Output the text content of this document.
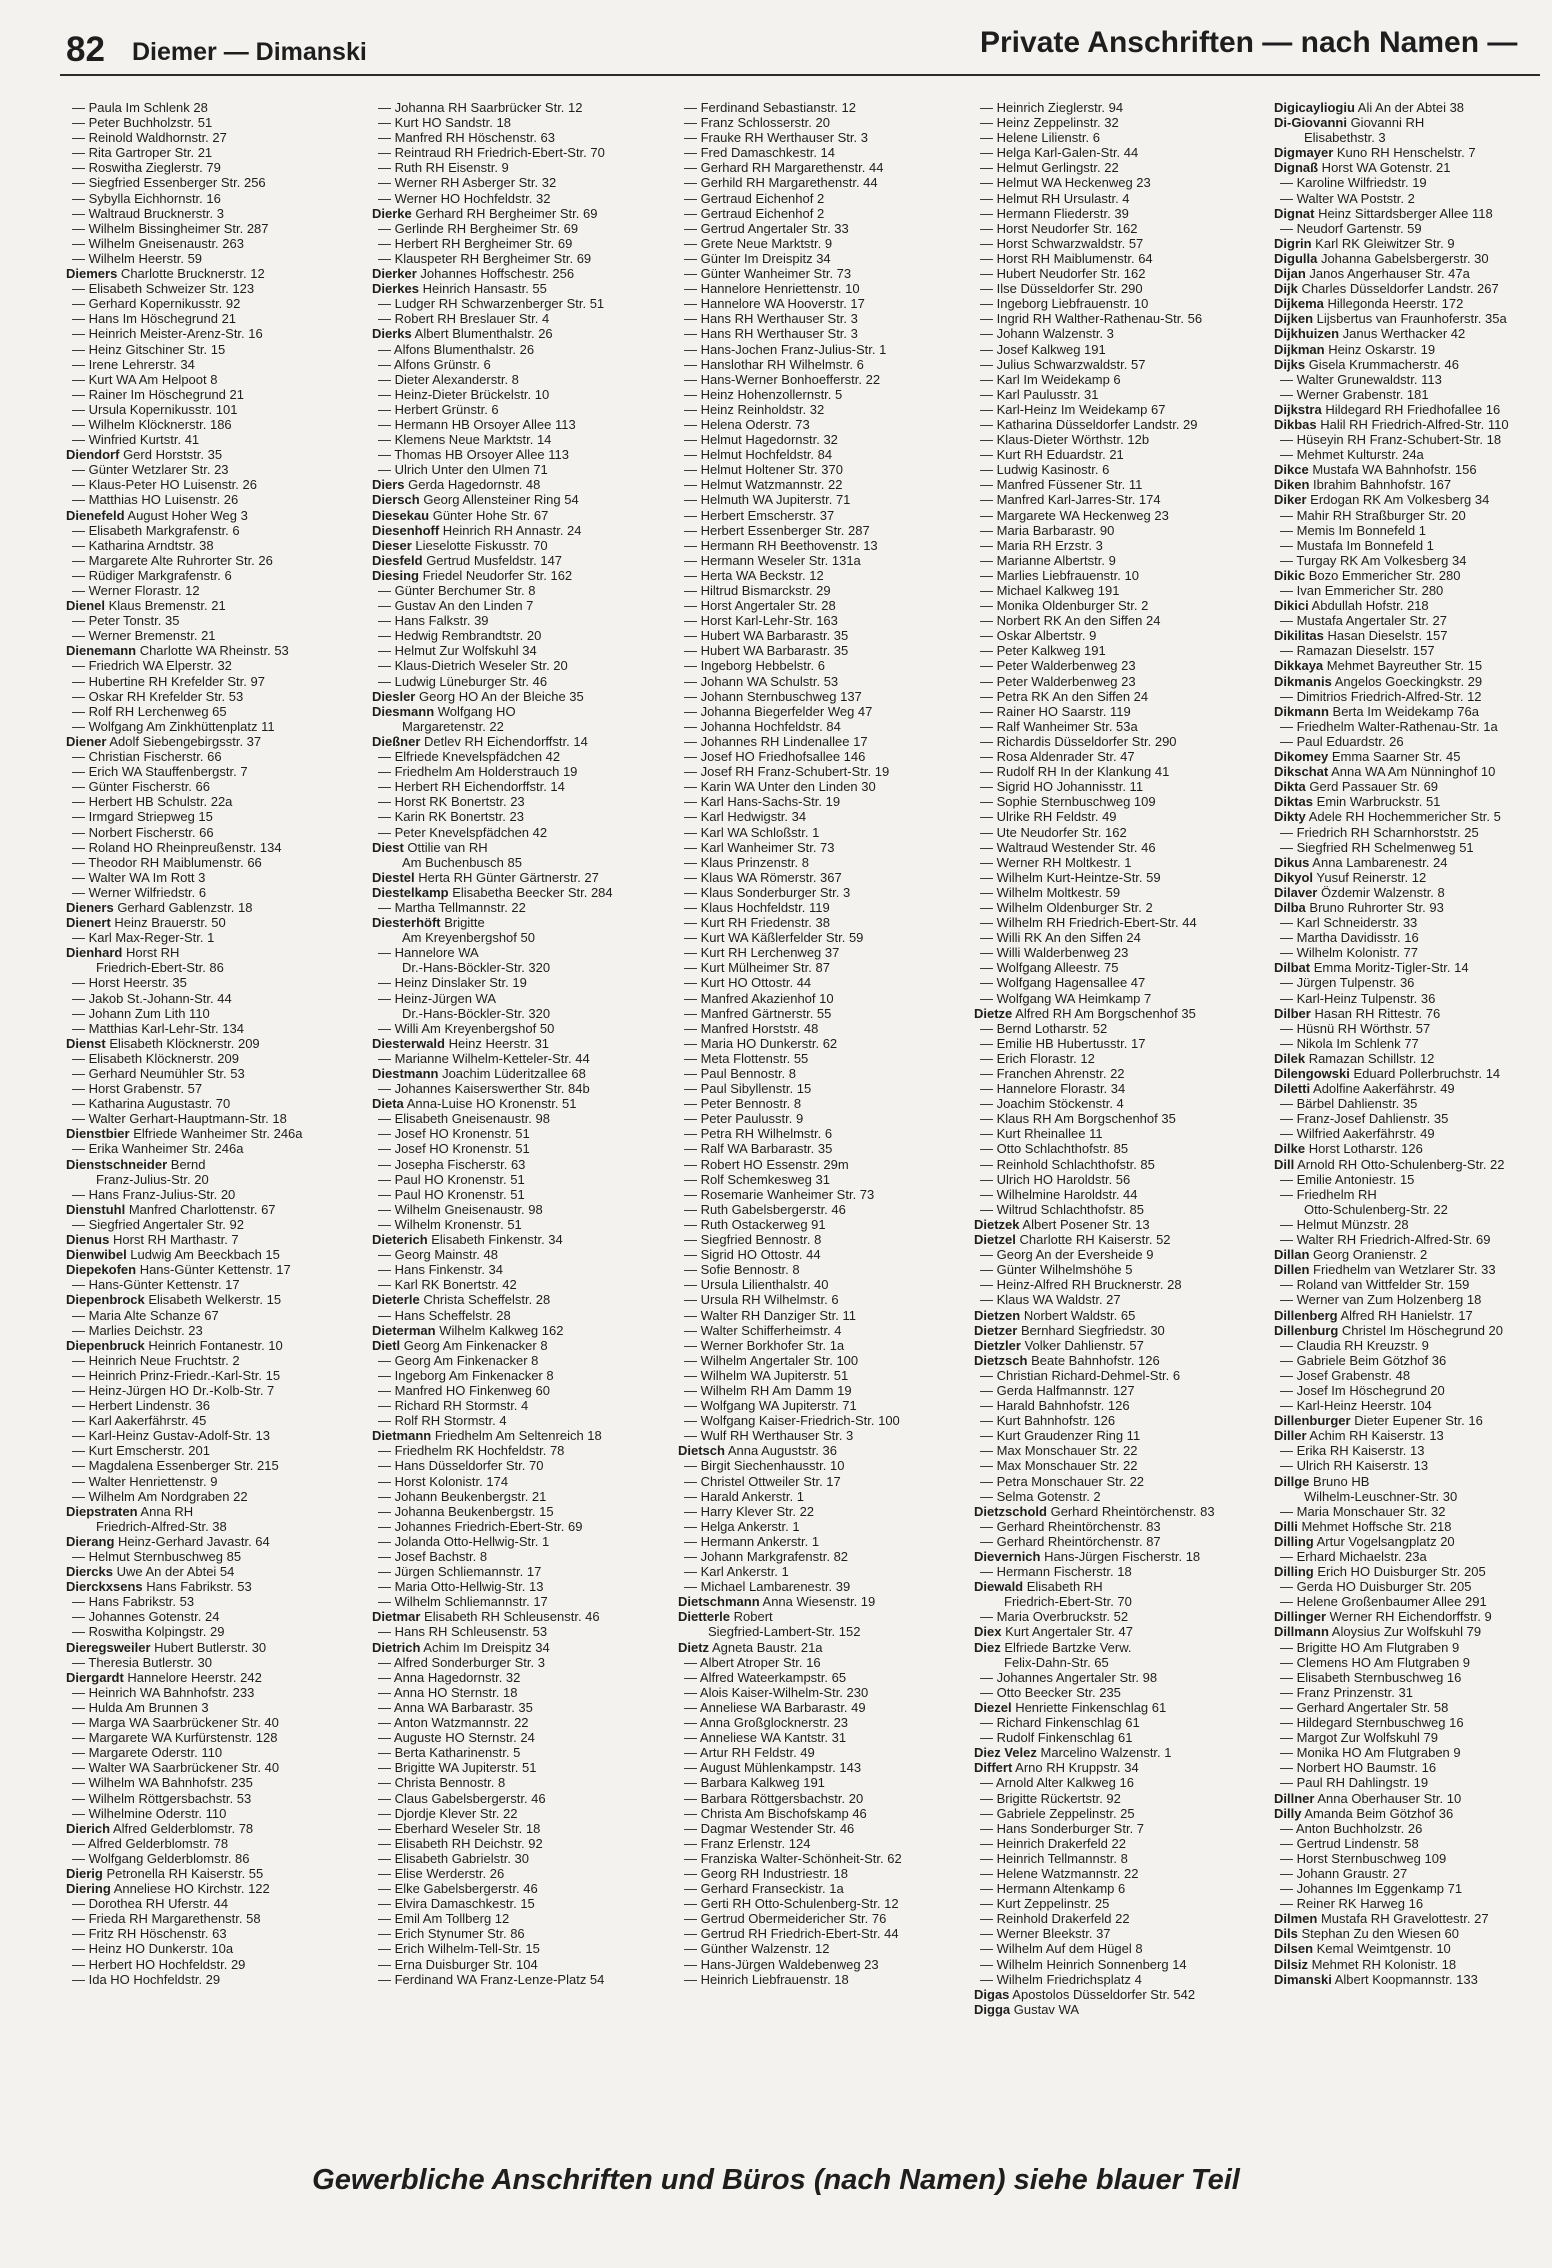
82 Diemer — Dimanski	Private Anschriften — nach Namen —
— Paula Im Schlenk 28
— Peter Buchholzstr. 51
— Reinold Waldhornstr. 27
— Rita Gartroper Str. 21
— Roswitha Zieglerstr. 79
— Siegfried Essenberger Str. 256
— Sybylla Eichhornstr. 16
— Waltraud Brucknerstr. 3
— Wilhelm Bissingheimer Str. 287
— Wilhelm Gneisenaustr. 263
— Wilhelm Heerstr. 59
Diemers Charlotte Brucknerstr. 12
— Elisabeth Schweizer Str. 123
— Gerhard Kopernikusstr. 92
— Hans Im Höschegrund 21
— Heinrich Meister-Arenz-Str. 16
— Heinz Gitschiner Str. 15
— Irene Lehrerstr. 34
— Kurt WA Am Helpoot 8
— Rainer Im Höschegrund 21
— Ursula Kopernikusstr. 101
— Wilhelm Klöcknerstr. 186
— Winfried Kurtstr. 41
Diendorf Gerd Horststr. 35
— Günter Wetzlarer Str. 23
— Klaus-Peter HO Luisenstr. 26
— Matthias HO Luisenstr. 26
Dienefeld August Hoher Weg 3
— Elisabeth Markgrafenstr. 6
— Katharina Arndtstr. 38
— Margarete Alte Ruhrorter Str. 26
— Rüdiger Markgrafenstr. 6
— Werner Florastr. 12
Dienel Klaus Bremenstr. 21
— Peter Tonstr. 35
— Werner Bremenstr. 21
Dienemann Charlotte WA Rheinstr. 53
— Friedrich WA Elperstr. 32
— Hubertine RH Krefelder Str. 97
— Oskar RH Krefelder Str. 53
— Rolf RH Lerchenweg 65
— Wolfgang Am Zinkhüttenplatz 11
Diener Adolf Siebengebirgsstr. 37
— Christian Fischerstr. 66
— Erich WA Stauffenbergstr. 7
— Günter Fischerstr. 66
— Herbert HB Schulstr. 22a
— Irmgard Striepweg 15
— Norbert Fischerstr. 66
— Roland HO Rheinpreußenstr. 134
— Theodor RH Maiblumenstr. 66
— Walter WA Im Rott 3
— Werner Wilfriedstr. 6
Dieners Gerhard Gablenzstr. 18
Dienert Heinz Brauerstr. 50
— Karl Max-Reger-Str. 1
Dienhard Horst RH
Friedrich-Ebert-Str. 86
— Horst Heerstr. 35
— Jakob St.-Johann-Str. 44
— Johann Zum Lith 110
— Matthias Karl-Lehr-Str. 134
Dienst Elisabeth Klöcknerstr. 209
— Elisabeth Klöcknerstr. 209
— Gerhard Neumühler Str. 53
— Horst Grabenstr. 57
— Katharina Augustastr. 70
— Walter Gerhart-Hauptmann-Str. 18
Dienstbier Elfriede Wanheimer Str. 246a
— Erika Wanheimer Str. 246a
Dienstschneider Bernd
Franz-Julius-Str. 20
— Hans Franz-Julius-Str. 20
Dienstuhl Manfred Charlottenstr. 67
— Siegfried Angertaler Str. 92
Dienus Horst RH Marthastr. 7
Dienwibel Ludwig Am Beeckbach 15
Diepekofen Hans-Günter Kettenstr. 17
— Hans-Günter Kettenstr. 17
Diepenbrock Elisabeth Welkerstr. 15
— Maria Alte Schanze 67
— Marlies Deichstr. 23
Diepenbruck Heinrich Fontanestr. 10
— Heinrich Neue Fruchtstr. 2
— Heinrich Prinz-Friedr.-Karl-Str. 15
— Heinz-Jürgen HO Dr.-Kolb-Str. 7
— Herbert Lindenstr. 36
— Karl Aakerfährstr. 45
— Karl-Heinz Gustav-Adolf-Str. 13
— Kurt Emscherstr. 201
— Magdalena Essenberger Str. 215
— Walter Henriettenstr. 9
— Wilhelm Am Nordgraben 22
Diepstraten Anna RH
Friedrich-Alfred-Str. 38
Dierang Heinz-Gerhard Javastr. 64
— Helmut Sternbuschweg 85
Diercks Uwe An der Abtei 54
Dierckxsens Hans Fabrikstr. 53
— Hans Fabrikstr. 53
— Johannes Gotenstr. 24
— Roswitha Kolpingstr. 29
Dieregsweiler Hubert Butlerstr. 30
— Theresia Butlerstr. 30
Diergardt Hannelore Heerstr. 242
— Heinrich WA Bahnhofstr. 233
— Hulda Am Brunnen 3
— Marga WA Saarbrückener Str. 40
— Margarete WA Kurfürstenstr. 128
— Margarete Oderstr. 110
— Walter WA Saarbrückener Str. 40
— Wilhelm WA Bahnhofstr. 235
— Wilhelm Röttgersbachstr. 53
— Wilhelmine Oderstr. 110
Dierich Alfred Gelderblomstr. 78
— Alfred Gelderblomstr. 78
— Wolfgang Gelderblomstr. 86
Dierig Petronella RH Kaiserstr. 55
Diering Anneliese HO Kirchstr. 122
— Dorothea RH Uferstr. 44
— Frieda RH Margarethenstr. 58
— Fritz RH Höschenstr. 63
— Heinz HO Dunkerstr. 10a
— Herbert HO Hochfeldstr. 29
— Ida HO Hochfeldstr. 29
— Johanna RH Saarbrücker Str. 12
— Kurt HO Sandstr. 18
— Manfred RH Höschenstr. 63
— Reintraud RH Friedrich-Ebert-Str. 70
— Ruth RH Eisenstr. 9
— Werner RH Asberger Str. 32
— Werner HO Hochfeldstr. 32
Dierke Gerhard RH Bergheimer Str. 69
— Gerlinde RH Bergheimer Str. 69
— Herbert RH Bergheimer Str. 69
— Klauspeter RH Bergheimer Str. 69
Dierker Johannes Hoffschestr. 256
Dierkes Heinrich Hansastr. 55
— Ludger RH Schwarzenberger Str. 51
— Robert RH Breslauer Str. 4
Dierks Albert Blumenthalstr. 26
— Alfons Blumenthalstr. 26
— Alfons Grünstr. 6
— Dieter Alexanderstr. 8
— Heinz-Dieter Brückelstr. 10
— Herbert Grünstr. 6
— Hermann HB Orsoyer Allee 113
— Klemens Neue Marktstr. 14
— Thomas HB Orsoyer Allee 113
— Ulrich Unter den Ulmen 71
Diers Gerda Hagedornstr. 48
Diersch Georg Allensteiner Ring 54
Diesekau Günter Hohe Str. 67
Diesenhoff Heinrich RH Annastr. 24
Dieser Lieselotte Fiskusstr. 70
Diesfeld Gertrud Musfeldstr. 147
Diesing Friedel Neudorfer Str. 162
— Günter Berchumer Str. 8
— Gustav An den Linden 7
— Hans Falkstr. 39
— Hedwig Rembrandtstr. 20
— Helmut Zur Wolfskuhl 34
— Klaus-Dietrich Weseler Str. 20
— Ludwig Lüneburger Str. 46
Diesler Georg HO An der Bleiche 35
Diesmann Wolfgang HO
Margaretenstr. 22
Dießner Detlev RH Eichendorffstr. 14
— Elfriede Knevelspfädchen 42
— Friedhelm Am Holderstrauch 19
— Herbert RH Eichendorffstr. 14
— Horst RK Bonertstr. 23
— Karin RK Bonertstr. 23
— Peter Knevelspfädchen 42
Diest Ottilie van RH
Am Buchenbusch 85
Diestel Herta RH Günter Gärtnerstr. 27
Diestelkamp Elisabetha Beecker Str. 284
— Martha Tellmannstr. 22
Diesterhöft Brigitte
Am Kreyenbergshof 50
— Hannelore WA
Dr.-Hans-Böckler-Str. 320
— Heinz Dinslaker Str. 19
— Heinz-Jürgen WA
Dr.-Hans-Böckler-Str. 320
— Willi Am Kreyenbergshof 50
Diesterwald Heinz Heerstr. 31
— Marianne Wilhelm-Ketteler-Str. 44
Diestmann Joachim Lüderitzallee 68
— Johannes Kaiserswerther Str. 84b
Dieta Anna-Luise HO Kronenstr. 51
— Elisabeth Gneisenaustr. 98
— Josef HO Kronenstr. 51
— Josef HO Kronenstr. 51
— Josepha Fischerstr. 63
— Paul HO Kronenstr. 51
— Paul HO Kronenstr. 51
— Wilhelm Gneisenaustr. 98
— Wilhelm Kronenstr. 51
Dieterich Elisabeth Finkenstr. 34
— Georg Mainstr. 48
— Hans Finkenstr. 34
— Karl RK Bonertstr. 42
Dieterle Christa Scheffelstr. 28
— Hans Scheffelstr. 28
Dieterman Wilhelm Kalkweg 162
Dietl Georg Am Finkenacker 8
— Georg Am Finkenacker 8
— Ingeborg Am Finkenacker 8
— Manfred HO Finkenweg 60
— Richard RH Stormstr. 4
— Rolf RH Stormstr. 4
Dietmann Friedhelm Am Seltenreich 18
— Friedhelm RK Hochfeldstr. 78
— Hans Düsseldorfer Str. 70
— Horst Kolonistr. 174
— Johann Beukenbergstr. 21
— Johanna Beukenbergstr. 15
— Johannes Friedrich-Ebert-Str. 69
— Jolanda Otto-Hellwig-Str. 1
— Josef Bachstr. 8
— Jürgen Schliemannstr. 17
— Maria Otto-Hellwig-Str. 13
— Wilhelm Schliemannstr. 17
Dietmar Elisabeth RH Schleusenstr. 46
— Hans RH Schleusenstr. 53
Dietrich Achim Im Dreispitz 34
— Alfred Sonderburger Str. 3
— Anna Hagedornstr. 32
— Anna HO Sternstr. 18
— Anna WA Barbarastr. 35
— Anton Watzmannstr. 22
— Auguste HO Sternstr. 24
— Berta Katharinenstr. 5
— Brigitte WA Jupiterstr. 51
— Christa Bennostr. 8
— Claus Gabelsbergerstr. 46
— Djordje Klever Str. 22
— Eberhard Weseler Str. 18
— Elisabeth RH Deichstr. 92
— Elisabeth Gabrielstr. 30
— Elise Werderstr. 26
— Elke Gabelsbergerstr. 46
— Elvira Damaschkestr. 15
— Emil Am Tollberg 12
— Erich Stynumer Str. 86
— Erich Wilhelm-Tell-Str. 15
— Erna Duisburger Str. 104
— Ferdinand WA Franz-Lenze-Platz 54
— Ferdinand Sebastianstr. 12
— Franz Schlosserstr. 20
— Frauke RH Werthauser Str. 3
— Fred Damaschkestr. 14
— Gerhard RH Margarethenstr. 44
— Gerhild RH Margarethenstr. 44
— Gertraud Eichenhof 2
— Gertraud Eichenhof 2
— Gertrud Angertaler Str. 33
— Grete Neue Marktstr. 9
— Günter Im Dreispitz 34
— Günter Wanheimer Str. 73
— Hannelore Henriettenstr. 10
— Hannelore WA Hooverstr. 17
— Hans RH Werthauser Str. 3
— Hans RH Werthauser Str. 3
— Hans-Jochen Franz-Julius-Str. 1
— Hanslothar RH Wilhelmstr. 6
— Hans-Werner Bonhoefferstr. 22
— Heinz Hohenzollernstr. 5
— Heinz Reinholdstr. 32
— Helena Oderstr. 73
— Helmut Hagedornstr. 32
— Helmut Hochfeldstr. 84
— Helmut Holtener Str. 370
— Helmut Watzmannstr. 22
— Helmuth WA Jupiterstr. 71
— Herbert Emscherstr. 37
— Herbert Essenberger Str. 287
— Hermann RH Beethovenstr. 13
— Hermann Weseler Str. 131a
— Herta WA Beckstr. 12
— Hiltrud Bismarckstr. 29
— Horst Angertaler Str. 28
— Horst Karl-Lehr-Str. 163
— Hubert WA Barbarastr. 35
— Hubert WA Barbarastr. 35
— Ingeborg Hebbelstr. 6
— Johann WA Schulstr. 53
— Johann Sternbuschweg 137
— Johanna Biegerfelder Weg 47
— Johanna Hochfeldstr. 84
— Johannes RH Lindenallee 17
— Josef HO Friedhofsallee 146
— Josef RH Franz-Schubert-Str. 19
— Karin WA Unter den Linden 30
— Karl Hans-Sachs-Str. 19
— Karl Hedwigstr. 34
— Karl WA Schloßstr. 1
— Karl Wanheimer Str. 73
— Klaus Prinzenstr. 8
— Klaus WA Römerstr. 367
— Klaus Sonderburger Str. 3
— Klaus Hochfeldstr. 119
— Kurt RH Friedenstr. 38
— Kurt WA Käßlerfelder Str. 59
— Kurt RH Lerchenweg 37
— Kurt Mülheimer Str. 87
— Kurt HO Ottostr. 44
— Manfred Akazienhof 10
— Manfred Gärtnerstr. 55
— Manfred Horststr. 48
— Maria HO Dunkerstr. 62
— Meta Flottenstr. 55
— Paul Bennostr. 8
— Paul Sibyllenstr. 15
— Peter Bennostr. 8
— Peter Paulusstr. 9
— Petra RH Wilhelmstr. 6
— Ralf WA Barbarastr. 35
— Robert HO Essenstr. 29m
— Rolf Schemkesweg 31
— Rosemarie Wanheimer Str. 73
— Ruth Gabelsbergerstr. 46
— Ruth Ostackerweg 91
— Siegfried Bennostr. 8
— Sigrid HO Ottostr. 44
— Sofie Bennostr. 8
— Ursula Lilienthalstr. 40
— Ursula RH Wilhelmstr. 6
— Walter RH Danziger Str. 11
— Walter Schifferheimstr. 4
— Werner Borkhofer Str. 1a
— Wilhelm Angertaler Str. 100
— Wilhelm WA Jupiterstr. 51
— Wilhelm RH Am Damm 19
— Wolfgang WA Jupiterstr. 71
— Wolfgang Kaiser-Friedrich-Str. 100
— Wulf RH Werthauser Str. 3
Dietsch Anna Auguststr. 36
— Birgit Siechenhausstr. 10
— Christel Ottweiler Str. 17
— Harald Ankerstr. 1
— Harry Klever Str. 22
— Helga Ankerstr. 1
— Hermann Ankerstr. 1
— Johann Markgrafenstr. 82
— Karl Ankerstr. 1
— Michael Lambarenestr. 39
Dietschmann Anna Wiesenstr. 19
Dietterle Robert
Siegfried-Lambert-Str. 152
Dietz Agneta Baustr. 21a
— Albert Atroper Str. 16
— Alfred Wateerkampstr. 65
— Alois Kaiser-Wilhelm-Str. 230
— Anneliese WA Barbarastr. 49
— Anna Großglocknerstr. 23
— Anneliese WA Kantstr. 31
— Artur RH Feldstr. 49
— August Mühlenkampstr. 143
— Barbara Kalkweg 191
— Barbara Röttgersbachstr. 20
— Christa Am Bischofskamp 46
— Dagmar Westender Str. 46
— Franz Erlenstr. 124
— Franziska Walter-Schönheit-Str. 62
— Georg RH Industriestr. 18
— Gerhard Franseckistr. 1a
— Gerti RH Otto-Schulenberg-Str. 12
— Gertrud Obermeidericher Str. 76
— Gertrud RH Friedrich-Ebert-Str. 44
— Günther Walzenstr. 12
— Hans-Jürgen Waldebenweg 23
— Heinrich Liebfrauenstr. 18
— Heinrich Zieglerstr. 94
— Heinz Zeppelinstr. 32
— Helene Lilienstr. 6
— Helga Karl-Galen-Str. 44
— Helmut Gerlingstr. 22
— Helmut WA Heckenweg 23
— Helmut RH Ursulastr. 4
— Hermann Fliederstr. 39
— Horst Neudorfer Str. 162
— Horst Schwarzwaldstr. 57
— Horst RH Maiblumenstr. 64
— Hubert Neudorfer Str. 162
— Ilse Düsseldorfer Str. 290
— Ingeborg Liebfrauenstr. 10
— Ingrid RH Walther-Rathenau-Str. 56
— Johann Walzenstr. 3
— Josef Kalkweg 191
— Julius Schwarzwaldstr. 57
— Karl Im Weidekamp 6
— Karl Paulusstr. 31
— Karl-Heinz Im Weidekamp 67
— Katharina Düsseldorfer Landstr. 29
— Klaus-Dieter Wörthstr. 12b
— Kurt RH Eduardstr. 21
— Ludwig Kasinostr. 6
— Manfred Füssener Str. 11
— Manfred Karl-Jarres-Str. 174
— Margarete WA Heckenweg 23
— Maria Barbarastr. 90
— Maria RH Erzstr. 3
— Marianne Albertstr. 9
— Marlies Liebfrauenstr. 10
— Michael Kalkweg 191
— Monika Oldenburger Str. 2
— Norbert RK An den Siffen 24
— Oskar Albertstr. 9
— Peter Kalkweg 191
— Peter Walderbenweg 23
— Peter Walderbenweg 23
— Petra RK An den Siffen 24
— Rainer HO Saarstr. 119
— Ralf Wanheimer Str. 53a
— Richardis Düsseldorfer Str. 290
— Rosa Aldenrader Str. 47
— Rudolf RH In der Klankung 41
— Sigrid HO Johannisstr. 11
— Sophie Sternbuschweg 109
— Ulrike RH Feldstr. 49
— Ute Neudorfer Str. 162
— Waltraud Westender Str. 46
— Werner RH Moltkestr. 1
— Wilhelm Kurt-Heintze-Str. 59
— Wilhelm Moltkestr. 59
— Wilhelm Oldenburger Str. 2
— Wilhelm RH Friedrich-Ebert-Str. 44
— Willi RK An den Siffen 24
— Willi Walderbenweg 23
— Wolfgang Alleestr. 75
— Wolfgang Hagensallee 47
— Wolfgang WA Heimkamp 7
Dietze Alfred RH Am Borgschenhof 35
— Bernd Lotharstr. 52
— Emilie HB Hubertusstr. 17
— Erich Florastr. 12
— Franchen Ahrenstr. 22
— Hannelore Florastr. 34
— Joachim Stöckenstr. 4
— Klaus RH Am Borgschenhof 35
— Kurt Rheinallee 11
— Otto Schlachthofstr. 85
— Reinhold Schlachthofstr. 85
— Ulrich HO Haroldstr. 56
— Wilhelmine Haroldstr. 44
— Wiltrud Schlachthofstr. 85
Dietzek Albert Posener Str. 13
Dietzel Charlotte RH Kaiserstr. 52
— Georg An der Eversheide 9
— Günter Wilhelmshöhe 5
— Heinz-Alfred RH Brucknerstr. 28
— Klaus WA Waldstr. 27
Dietzen Norbert Waldstr. 65
Dietzer Bernhard Siegfriedstr. 30
Dietzler Volker Dahlienstr. 57
Dietzsch Beate Bahnhofstr. 126
— Christian Richard-Dehmel-Str. 6
— Gerda Halfmannstr. 127
— Harald Bahnhofstr. 126
— Kurt Bahnhofstr. 126
— Kurt Graudenzer Ring 11
— Max Monschauer Str. 22
— Max Monschauer Str. 22
— Petra Monschauer Str. 22
— Selma Gotenstr. 2
Dietzschold Gerhard Rheintörchenstr. 83
— Gerhard Rheintörchenstr. 83
— Gerhard Rheintörchenstr. 87
Dievernich Hans-Jürgen Fischerstr. 18
— Hermann Fischerstr. 18
Diewald Elisabeth RH
Friedrich-Ebert-Str. 70
— Maria Overbruckstr. 52
Diex Kurt Angertaler Str. 47
Diez Elfriede Bartzke Verw.
Felix-Dahn-Str. 65
— Johannes Angertaler Str. 98
— Otto Beecker Str. 235
Diezel Henriette Finkenschlag 61
— Richard Finkenschlag 61
— Rudolf Finkenschlag 61
Diez Velez Marcelino Walzenstr. 1
Differt Arno RH Kruppstr. 34
— Arnold Alter Kalkweg 16
— Brigitte Rückertstr. 92
— Gabriele Zeppelinstr. 25
— Hans Sonderburger Str. 7
— Heinrich Drakerfeld 22
— Heinrich Tellmannstr. 8
— Helene Watzmannstr. 22
— Hermann Altenkamp 6
— Kurt Zeppelinstr. 25
— Reinhold Drakerfeld 22
— Werner Bleekstr. 37
— Wilhelm Auf dem Hügel 8
— Wilhelm Heinrich Sonnenberg 14
— Wilhelm Friedrichsplatz 4
Digas Apostolos Düsseldorfer Str. 542
Digga Gustav WA
Digicayliogiu Ali An der Abtei 38
Di-Giovanni Giovanni RH
Elisabethstr. 3
Digmayer Kuno RH Henschelstr. 7
Dignaß Horst WA Gotenstr. 21
— Karoline Wilfriedstr. 19
— Walter WA Poststr. 2
Dignat Heinz Sittardsberger Allee 118
— Neudorf Gartenstr. 59
Digrin Karl RK Gleiwitzer Str. 9
Digulla Johanna Gabelsbergerstr. 30
Dijan Janos Angerhauser Str. 47a
Dijk Charles Düsseldorfer Landstr. 267
Dijkema Hillegonda Heerstr. 172
Dijken Lijsbertus van Fraunhoferstr. 35a
Dijkhuizen Janus Werthacker 42
Dijkman Heinz Oskarstr. 19
Dijks Gisela Krummacherstr. 46
— Walter Grunewaldstr. 113
— Werner Grabenstr. 181
Dijkstra Hildegard RH Friedhofallee 16
Dikbas Halil RH Friedrich-Alfred-Str. 110
— Hüseyin RH Franz-Schubert-Str. 18
— Mehmet Kulturstr. 24a
Dikce Mustafa WA Bahnhofstr. 156
Diken Ibrahim Bahnhofstr. 167
Diker Erdogan RK Am Volkesberg 34
— Mahir RH Straßburger Str. 20
— Memis Im Bonnefeld 1
— Mustafa Im Bonnefeld 1
— Turgay RK Am Volkesberg 34
Dikic Bozo Emmericher Str. 280
— Ivan Emmericher Str. 280
Dikici Abdullah Hofstr. 218
— Mustafa Angertaler Str. 27
Dikilitas Hasan Dieselstr. 157
— Ramazan Dieselstr. 157
Dikkaya Mehmet Bayreuther Str. 15
Dikmanis Angelos Goeckingkstr. 29
— Dimitrios Friedrich-Alfred-Str. 12
Dikmann Berta Im Weidekamp 76a
— Friedhelm Walter-Rathenau-Str. 1a
— Paul Eduardstr. 26
Dikomey Emma Saarner Str. 45
Dikschat Anna WA Am Nünninghof 10
Dikta Gerd Passauer Str. 69
Diktas Emin Warbruckstr. 51
Dikty Adele RH Hochemmericher Str. 5
— Friedrich RH Scharnhorststr. 25
— Siegfried RH Schelmenweg 51
Dikus Anna Lambarenestr. 24
Dikyol Yusuf Reinerstr. 12
Dilaver Özdemir Walzenstr. 8
Dilba Bruno Ruhrorter Str. 93
— Karl Schneiderstr. 33
— Martha Davidisstr. 16
— Wilhelm Kolonistr. 77
Dilbat Emma Moritz-Tigler-Str. 14
— Jürgen Tulpenstr. 36
— Karl-Heinz Tulpenstr. 36
Dilber Hasan RH Rittestr. 76
— Hüsnü RH Wörthstr. 57
— Nikola Im Schlenk 77
Dilek Ramazan Schillstr. 12
Dilengowski Eduard Pollerbruchstr. 14
Diletti Adolfine Aakerfährstr. 49
— Bärbel Dahlienstr. 35
— Franz-Josef Dahlienstr. 35
— Wilfried Aakerfährstr. 49
Dilke Horst Lotharstr. 126
Dill Arnold RH Otto-Schulenberg-Str. 22
— Emilie Antoniestr. 15
— Friedhelm RH
Otto-Schulenberg-Str. 22
— Helmut Münzstr. 28
— Walter RH Friedrich-Alfred-Str. 69
Dillan Georg Oranienstr. 2
Dillen Friedhelm van Wetzlarer Str. 33
— Roland van Wittfelder Str. 159
— Werner van Zum Holzenberg 18
Dillenberg Alfred RH Hanielstr. 17
Dillenburg Christel Im Höschegrund 20
— Claudia RH Kreuzstr. 9
— Gabriele Beim Götzhof 36
— Josef Grabenstr. 48
— Josef Im Höschegrund 20
— Karl-Heinz Heerstr. 104
Dillenburger Dieter Eupener Str. 16
Diller Achim RH Kaiserstr. 13
— Erika RH Kaiserstr. 13
— Ulrich RH Kaiserstr. 13
Dillge Bruno HB
Wilhelm-Leuschner-Str. 30
— Maria Monschauer Str. 32
Dilli Mehmet Hoffsche Str. 218
Dilling Artur Vogelsangplatz 20
— Erhard Michaelstr. 23a
Dilling Erich HO Duisburger Str. 205
— Gerda HO Duisburger Str. 205
— Helene Großenbaumer Allee 291
Dillinger Werner RH Eichendorffstr. 9
Dillmann Aloysius Zur Wolfskuhl 79
— Brigitte HO Am Flutgraben 9
— Clemens HO Am Flutgraben 9
— Elisabeth Sternbuschweg 16
— Franz Prinzenstr. 31
— Gerhard Angertaler Str. 58
— Hildegard Sternbuschweg 16
— Margot Zur Wolfskuhl 79
— Monika HO Am Flutgraben 9
— Norbert HO Baumstr. 16
— Paul RH Dahlingstr. 19
Dillner Anna Oberhauser Str. 10
Dilly Amanda Beim Götzhof 36
— Anton Buchholzstr. 26
— Gertrud Lindenstr. 58
— Horst Sternbuschweg 109
— Johann Graustr. 27
— Johannes Im Eggenkamp 71
— Reiner RK Harweg 16
Dilmen Mustafa RH Gravelottestr. 27
Dils Stephan Zu den Wiesen 60
Dilsen Kemal Weimtgenstr. 10
Dilsiz Mehmet RH Kolonistr. 18
Dimanski Albert Koopmannstr. 133
Gewerbliche Anschriften und Büros (nach Namen) siehe blauer Teil
